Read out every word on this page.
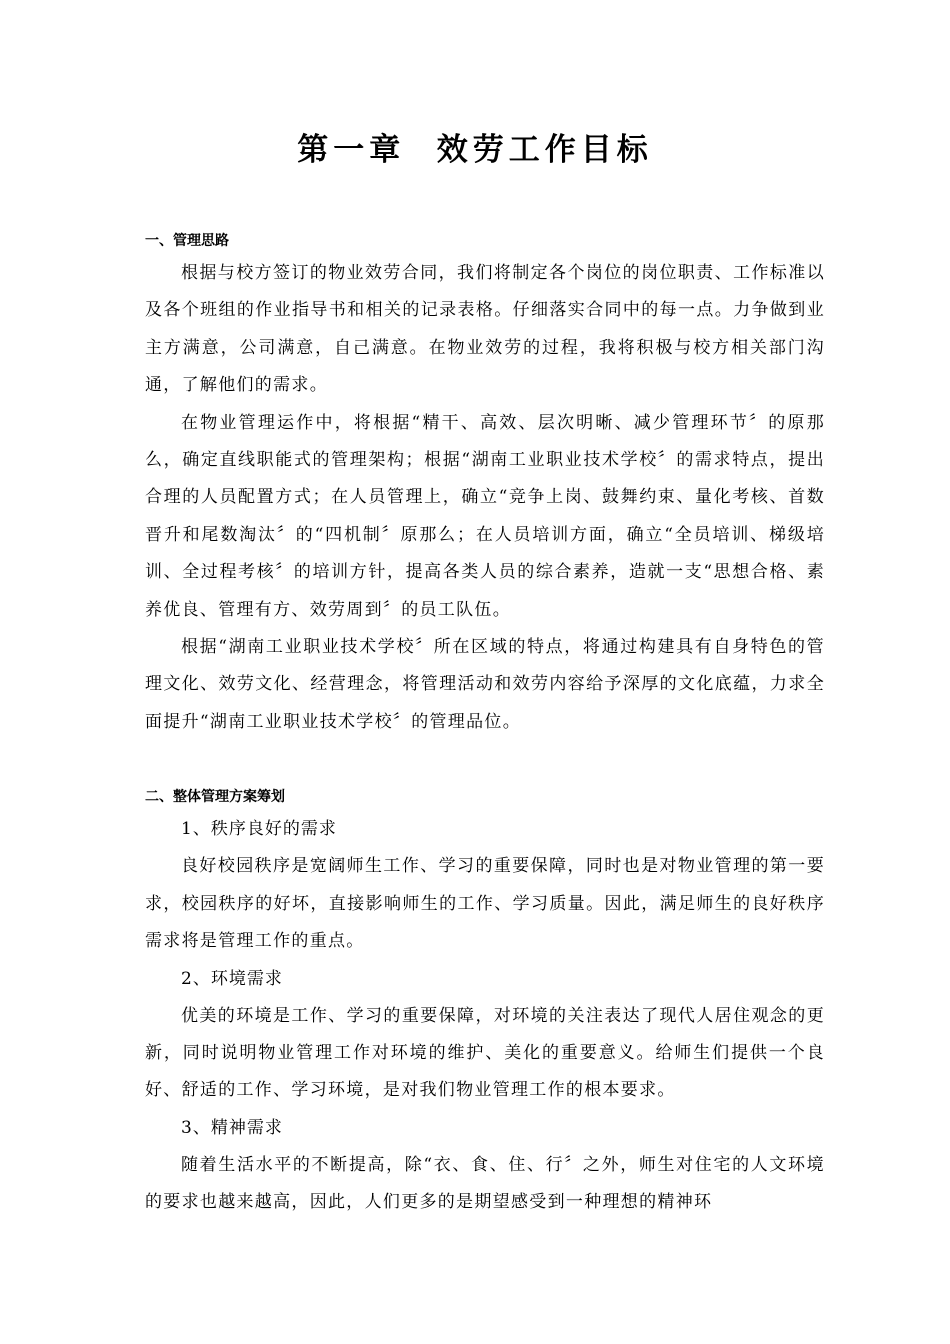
第一章  效劳工作目标
一、管理思路

根据与校方签订的物业效劳合同，我们将制定各个岗位的岗位职责、工作标准以及各个班组的作业指导书和相关的记录表格。仔细落实合同中的每一点。力争做到业主方满意，公司满意，自己满意。在物业效劳的过程，我将积极与校方相关部门沟通，了解他们的需求。

在物业管理运作中，将根据“精干、高效、层次明晰、减少管理环节〞的原那么，确定直线职能式的管理架构；根据“湖南工业职业技术学校〞的需求特点，提出合理的人员配置方式；在人员管理上，确立“竞争上岗、鼓舞约束、量化考核、首数晋升和尾数淘汰〞的“四机制〞原那么；在人员培训方面，确立“全员培训、梯级培训、全过程考核〞的培训方针，提高各类人员的综合素养，造就一支“思想合格、素养优良、管理有方、效劳周到〞的员工队伍。

根据“湖南工业职业技术学校〞所在区域的特点，将通过构建具有自身特色的管理文化、效劳文化、经营理念，将管理活动和效劳内容给予深厚的文化底蕴，力求全面提升“湖南工业职业技术学校〞的管理品位。

二、整体管理方案筹划

1、秩序良好的需求

良好校园秩序是宽阔师生工作、学习的重要保障，同时也是对物业管理的第一要求，校园秩序的好坏，直接影响师生的工作、学习质量。因此，满足师生的良好秩序需求将是管理工作的重点。

2、环境需求

优美的环境是工作、学习的重要保障，对环境的关注表达了现代人居住观念的更新，同时说明物业管理工作对环境的维护、美化的重要意义。给师生们提供一个良好、舒适的工作、学习环境，是对我们物业管理工作的根本要求。

3、精神需求

随着生活水平的不断提高，除“衣、食、住、行〞之外，师生对住宅的人文环境的要求也越来越高，因此，人们更多的是期望感受到一种理想的精神环
